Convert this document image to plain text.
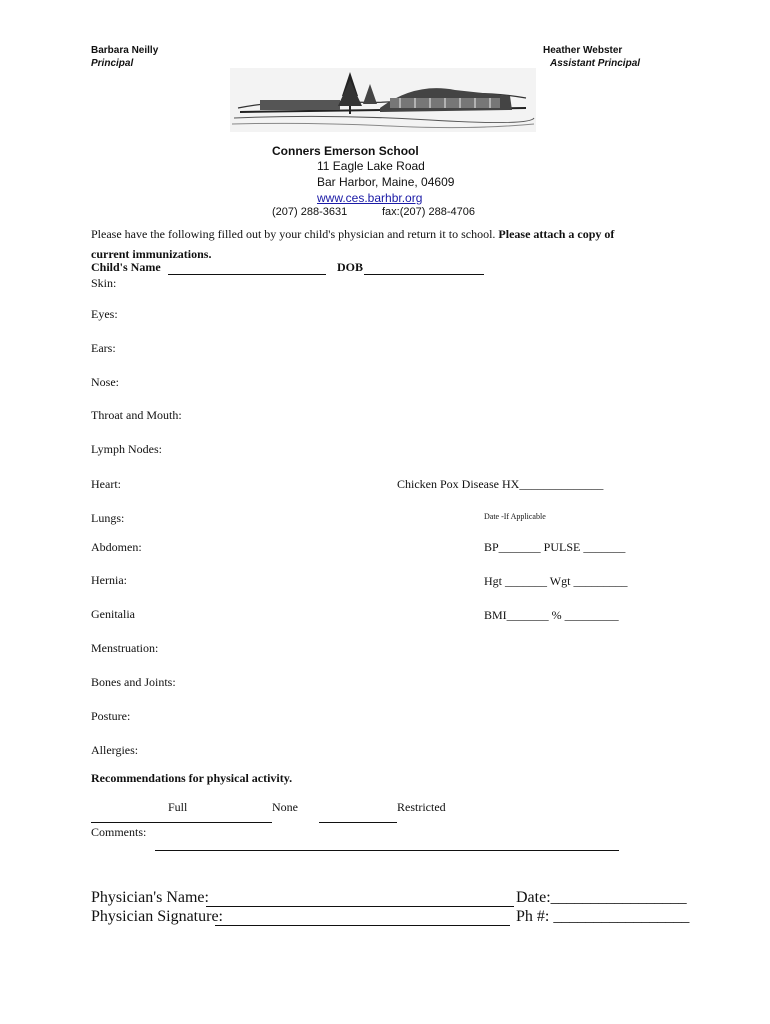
Barbara Neilly
Principal
Heather Webster
Assistant Principal
Conners Emerson School
11 Eagle Lake Road
Bar Harbor, Maine, 04609
www.ces.barhbr.org
(207) 288-3631	fax:(207) 288-4706
Please have the following filled out by your child's physician and return it to school. Please attach a copy of
current immunizations.
Child's Name	DOB
Skin:
Eyes:
Ears:
Nose:
Throat and Mouth:
Lymph Nodes:
Heart:
Lungs:
Abdomen:
Hernia:
Genitalia
Menstruation:
Bones and Joints:
Posture:
Allergies:
Chicken Pox Disease HX______________
Date -If Applicable
BP_______ PULSE _______
Hgt _______ Wgt _________
BMI_______ % _________
Recommendations for physical activity.
Full	None	Restricted
Comments:
Physician's Name:
Physician Signature:
Date:_________________
Ph #: _________________
